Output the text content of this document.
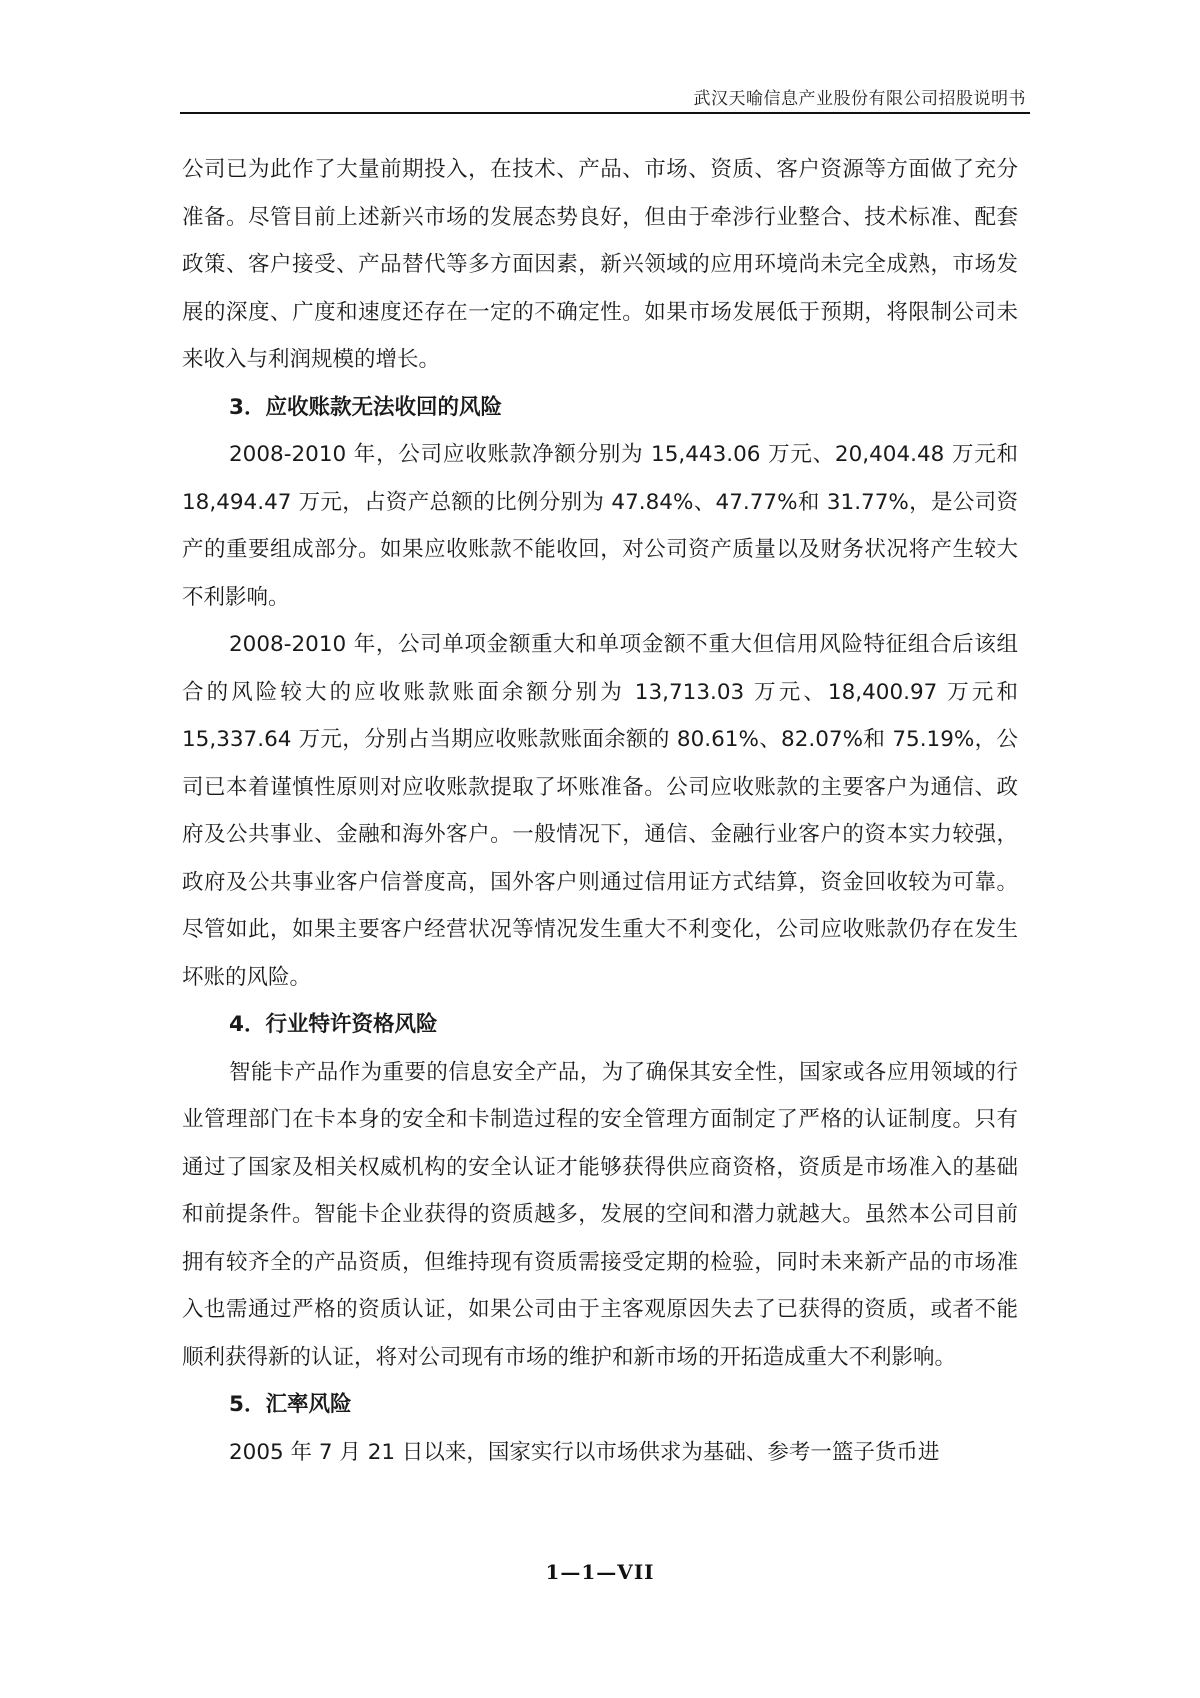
武汉天喻信息产业股份有限公司招股说明书

公司已为此作了大量前期投入，在技术、产品、市场、资质、客户资源等方面做了充分准备。尽管目前上述新兴市场的发展态势良好，但由于牵涉行业整合、技术标准、配套政策、客户接受、产品替代等多方面因素，新兴领域的应用环境尚未完全成熟，市场发展的深度、广度和速度还存在一定的不确定性。如果市场发展低于预期，将限制公司未来收入与利润规模的增长。

3．应收账款无法收回的风险

2008-2010 年，公司应收账款净额分别为 15,443.06 万元、20,404.48 万元和 18,494.47 万元，占资产总额的比例分别为 47.84%、47.77%和 31.77%，是公司资产的重要组成部分。如果应收账款不能收回，对公司资产质量以及财务状况将产生较大不利影响。

2008-2010 年，公司单项金额重大和单项金额不重大但信用风险特征组合后该组合的风险较大的应收账款账面余额分别为 13,713.03 万元、18,400.97 万元和 15,337.64 万元，分别占当期应收账款账面余额的 80.61%、82.07%和 75.19%，公司已本着谨慎性原则对应收账款提取了坏账准备。公司应收账款的主要客户为通信、政府及公共事业、金融和海外客户。一般情况下，通信、金融行业客户的资本实力较强，政府及公共事业客户信誉度高，国外客户则通过信用证方式结算，资金回收较为可靠。尽管如此，如果主要客户经营状况等情况发生重大不利变化，公司应收账款仍存在发生坏账的风险。

4．行业特许资格风险

智能卡产品作为重要的信息安全产品，为了确保其安全性，国家或各应用领域的行业管理部门在卡本身的安全和卡制造过程的安全管理方面制定了严格的认证制度。只有通过了国家及相关权威机构的安全认证才能够获得供应商资格，资质是市场准入的基础和前提条件。智能卡企业获得的资质越多，发展的空间和潜力就越大。虽然本公司目前拥有较齐全的产品资质，但维持现有资质需接受定期的检验，同时未来新产品的市场准入也需通过严格的资质认证，如果公司由于主客观原因失去了已获得的资质，或者不能顺利获得新的认证，将对公司现有市场的维护和新市场的开拓造成重大不利影响。

5．汇率风险

2005 年 7 月 21 日以来，国家实行以市场供求为基础、参考一篮子货币进

1—1—VII
